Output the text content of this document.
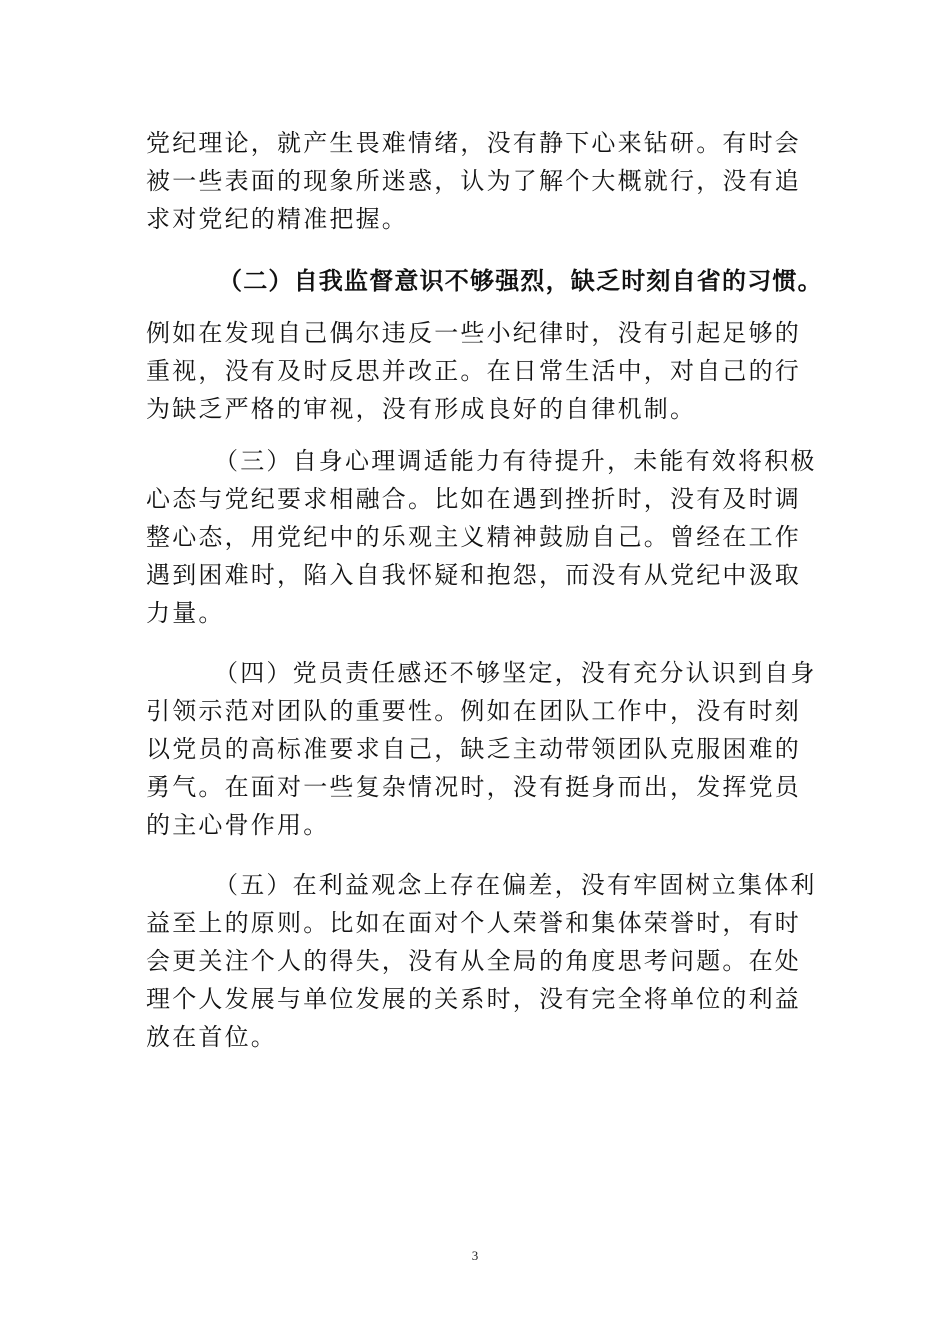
党纪理论，就产生畏难情绪，没有静下心来钻研。有时会
被一些表面的现象所迷惑，认为了解个大概就行，没有追
求对党纪的精准把握。
（二）自我监督意识不够强烈，缺乏时刻自省的习惯。
例如在发现自己偶尔违反一些小纪律时，没有引起足够的
重视，没有及时反思并改正。在日常生活中，对自己的行
为缺乏严格的审视，没有形成良好的自律机制。
（三）自身心理调适能力有待提升，未能有效将积极
心态与党纪要求相融合。比如在遇到挫折时，没有及时调
整心态，用党纪中的乐观主义精神鼓励自己。曾经在工作
遇到困难时，陷入自我怀疑和抱怨，而没有从党纪中汲取
力量。
（四）党员责任感还不够坚定，没有充分认识到自身
引领示范对团队的重要性。例如在团队工作中，没有时刻
以党员的高标准要求自己，缺乏主动带领团队克服困难的
勇气。在面对一些复杂情况时，没有挺身而出，发挥党员
的主心骨作用。
（五）在利益观念上存在偏差，没有牢固树立集体利
益至上的原则。比如在面对个人荣誉和集体荣誉时，有时
会更关注个人的得失，没有从全局的角度思考问题。在处
理个人发展与单位发展的关系时，没有完全将单位的利益
放在首位。
3
